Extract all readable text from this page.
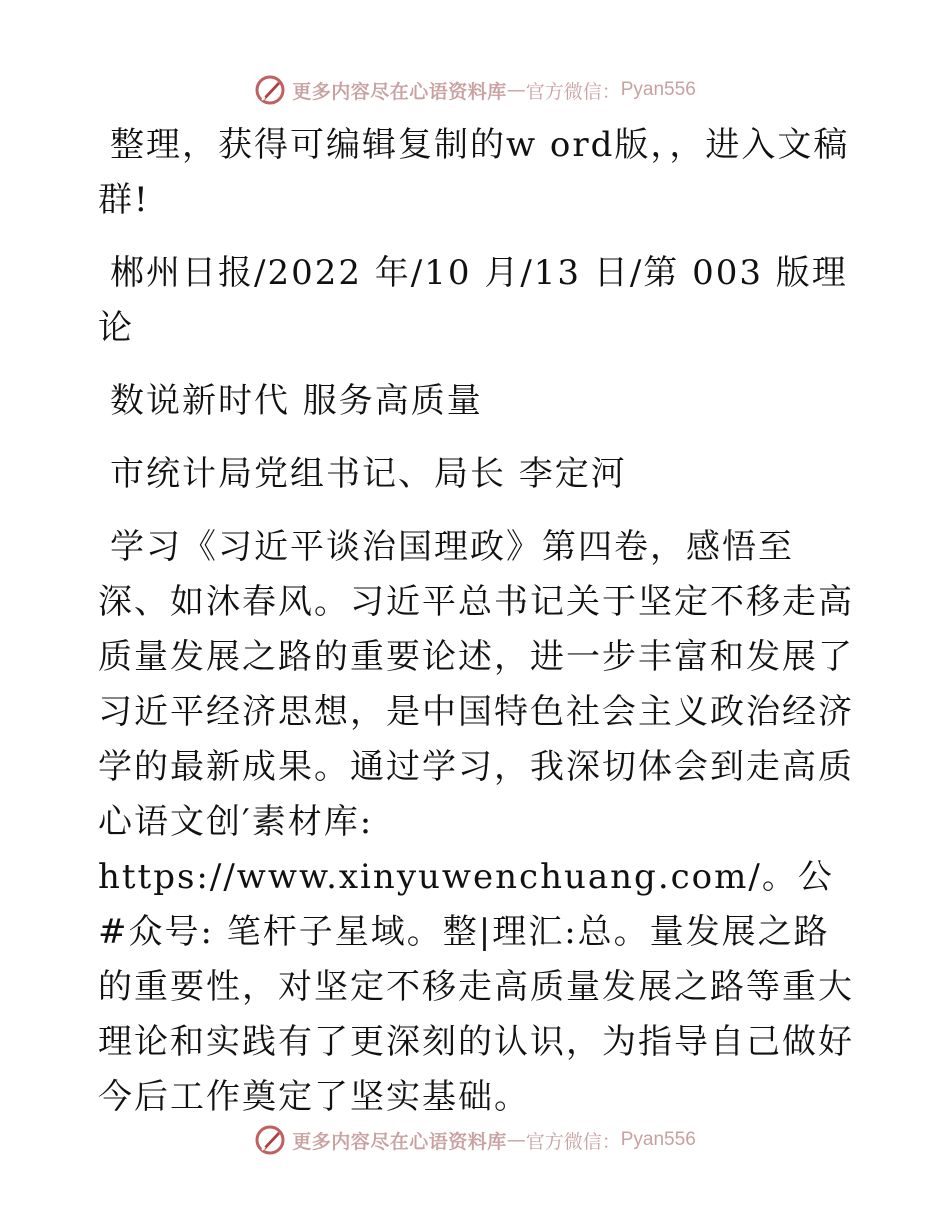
更多内容尽在心语资料库 — 官方微信： Pyan556

整理，获得可编辑复制的w ord版，，进入文稿群!

郴州日报/2022 年/10 月/13 日/第 003 版理论

数说新时代 服务高质量

市统计局党组书记、局长 李定河

学习《习近平谈治国理政》第四卷，感悟至深、如沐春风。习近平总书记关于坚定不移走高质量发展之路的重要论述，进一步丰富和发展了习近平经济思想，是中国特色社会主义政治经济学的最新成果。通过学习，我深切体会到走高质心语文创′素材库: https://www.xinyuwenchuang.com/。公#众号: 笔杆子星域。整|理汇:总。量发展之路的重要性，对坚定不移走高质量发展之路等重大理论和实践有了更深刻的认识，为指导自己做好今后工作奠定了坚实基础。

更多内容尽在心语资料库 — 官方微信： Pyan556
